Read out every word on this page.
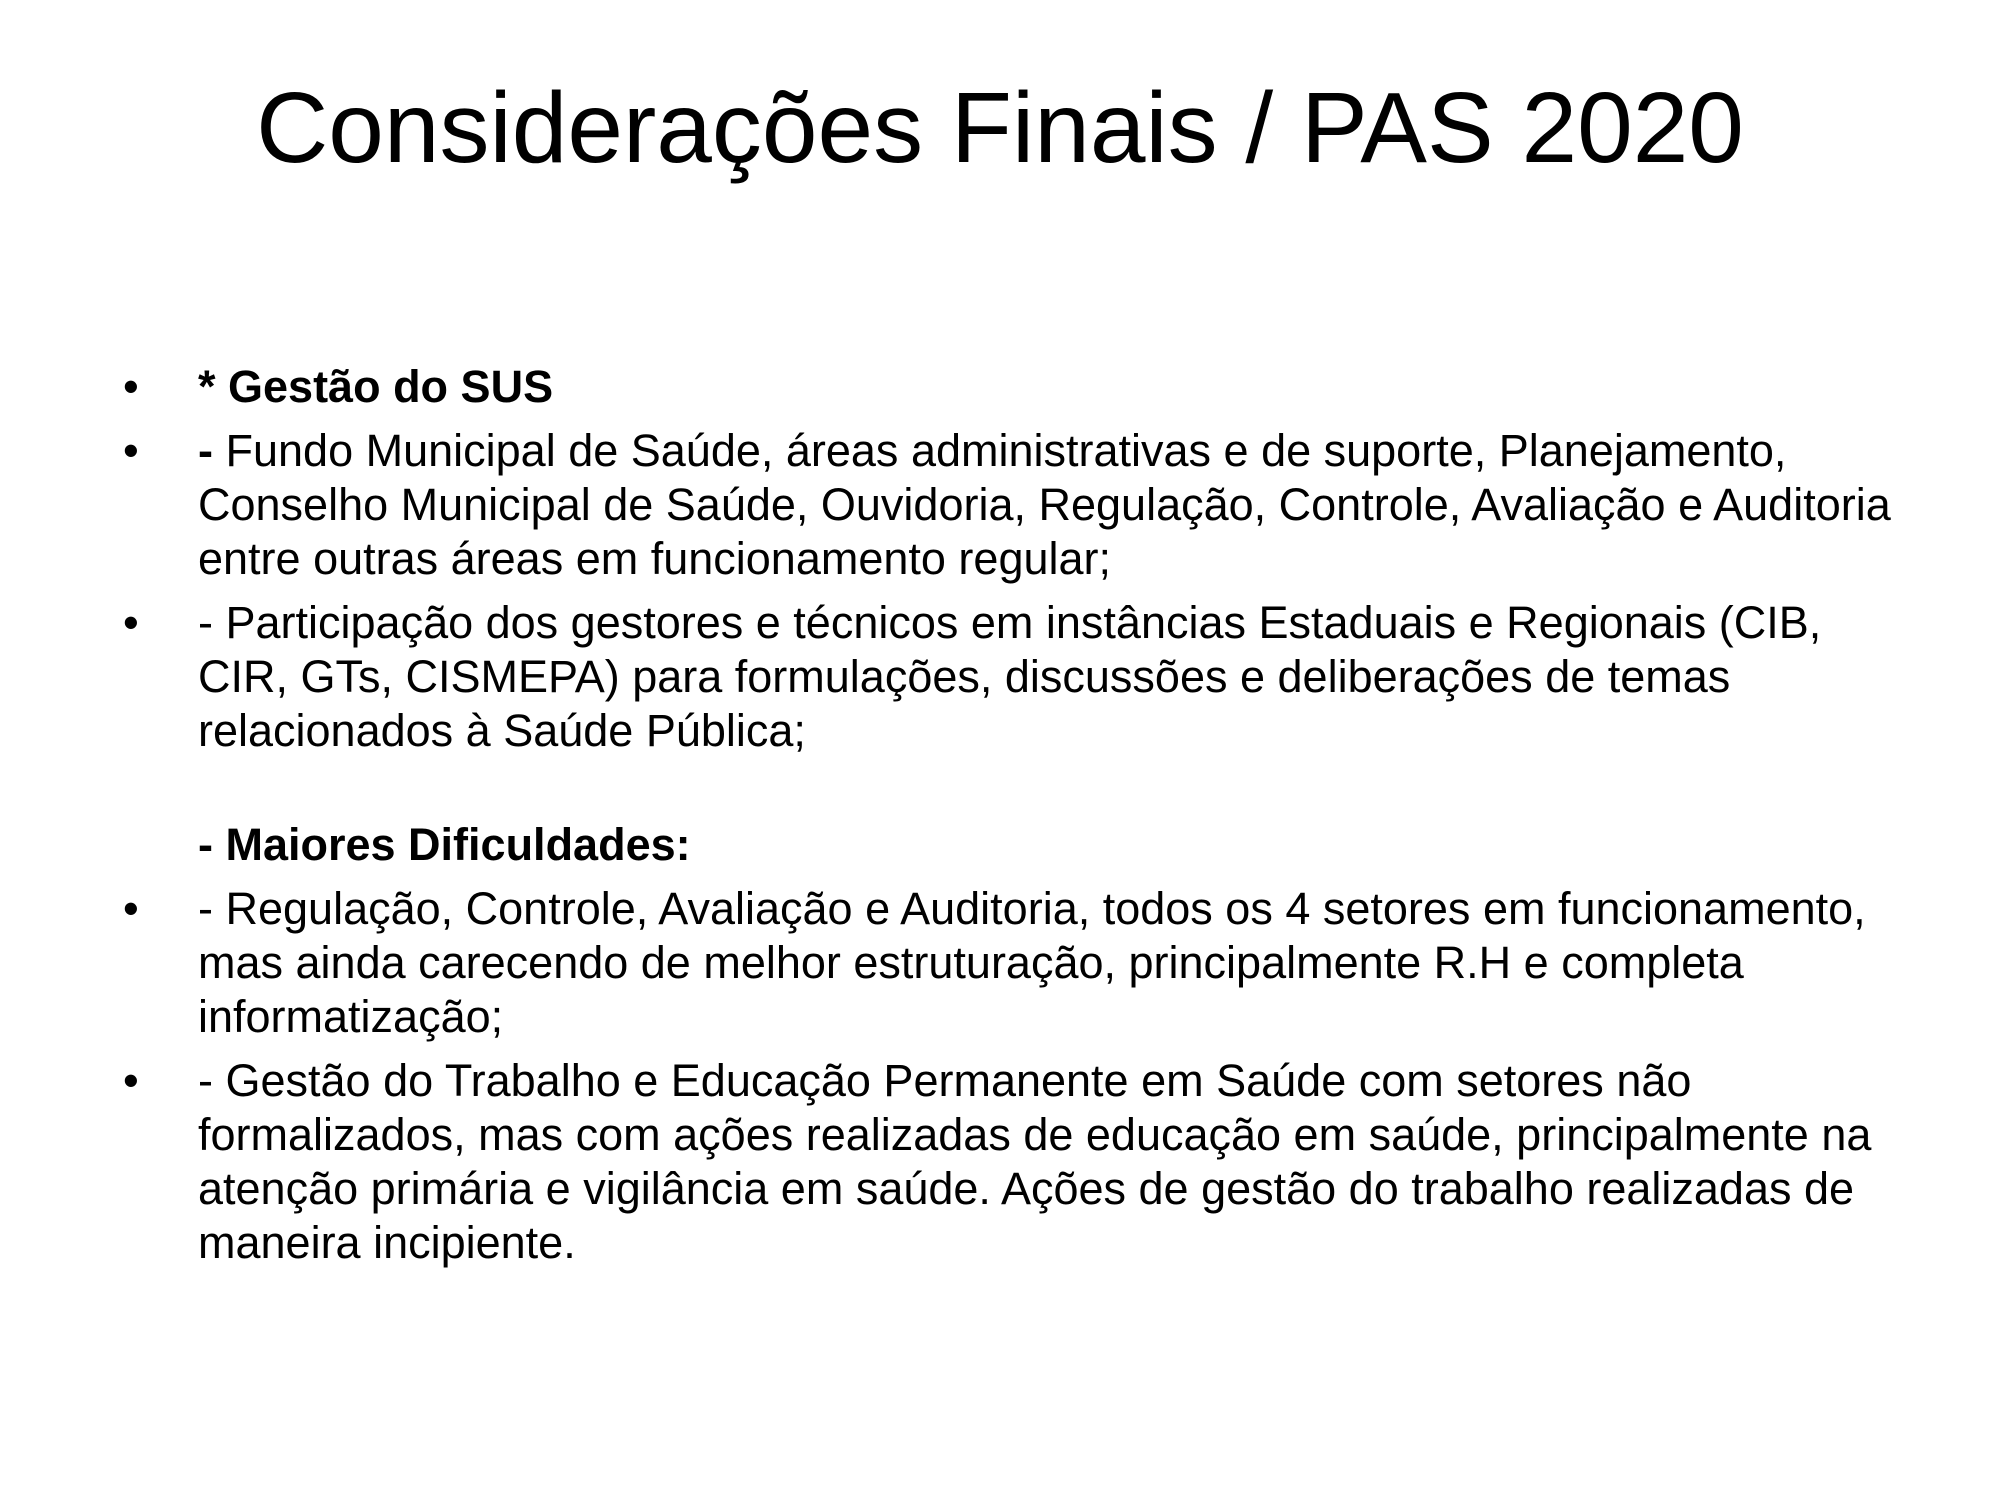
Considerações Finais / PAS 2020
•	* Gestão do SUS
•	- Fundo Municipal de Saúde, áreas administrativas e de suporte, Planejamento, Conselho Municipal de Saúde, Ouvidoria, Regulação, Controle, Avaliação e Auditoria entre outras áreas em funcionamento regular;
•	- Participação dos gestores e técnicos em instâncias Estaduais e Regionais (CIB, CIR, GTs, CISMEPA) para formulações, discussões e deliberações de temas relacionados à Saúde Pública;
- Maiores Dificuldades:
•	- Regulação, Controle, Avaliação e Auditoria, todos os 4 setores em funcionamento, mas ainda carecendo de melhor estruturação, principalmente R.H e completa informatização;
•	- Gestão do Trabalho e Educação Permanente em Saúde com setores não formalizados, mas com ações realizadas de educação em saúde, principalmente na atenção primária e vigilância em saúde. Ações de gestão do trabalho realizadas de maneira incipiente.
